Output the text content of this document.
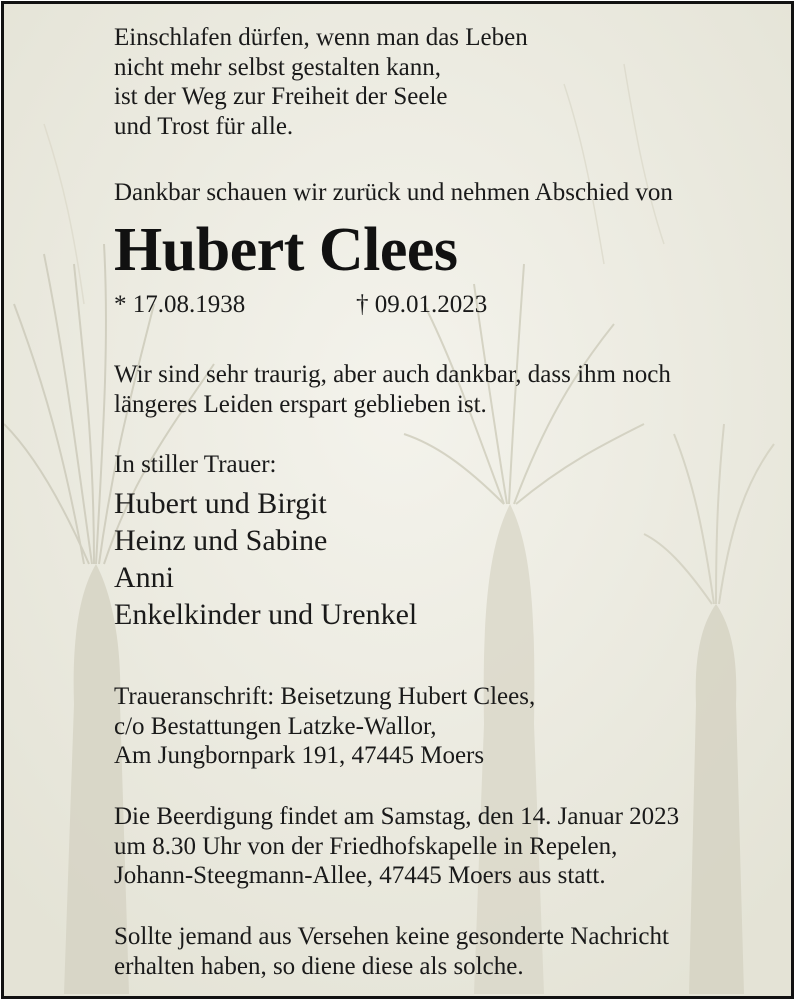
Einschlafen dürfen, wenn man das Leben
nicht mehr selbst gestalten kann,
ist der Weg zur Freiheit der Seele
und Trost für alle.

Dankbar schauen wir zurück und nehmen Abschied von

Hubert Clees
* 17.08.1938	† 09.01.2023

Wir sind sehr traurig, aber auch dankbar, dass ihm noch
längeres Leiden erspart geblieben ist.

In stiller Trauer:

Hubert und Birgit
Heinz und Sabine
Anni
Enkelkinder und Urenkel

Traueranschrift: Beisetzung Hubert Clees,
c/o Bestattungen Latzke-Wallor,
Am Jungbornpark 191, 47445 Moers

Die Beerdigung findet am Samstag, den 14. Januar 2023
um 8.30 Uhr von der Friedhofskapelle in Repelen,
Johann-Steegmann-Allee, 47445 Moers aus statt.

Sollte jemand aus Versehen keine gesonderte Nachricht
erhalten haben, so diene diese als solche.
